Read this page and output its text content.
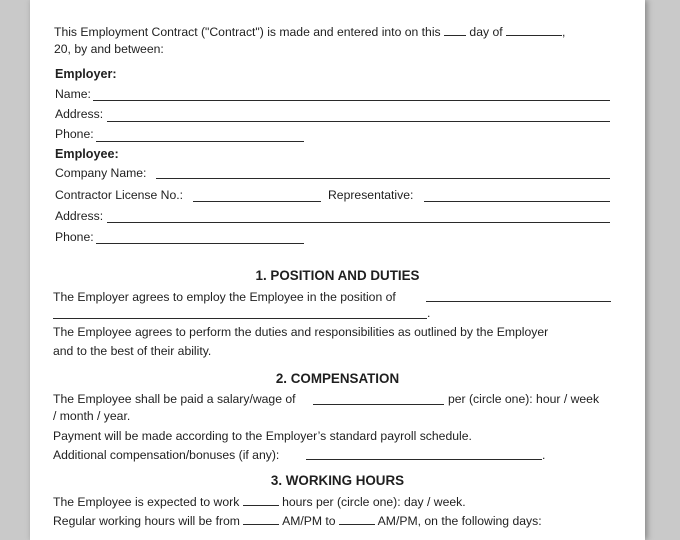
This Employment Contract ("Contract") is made and entered into on this day of	,
20, by and between:
Employer:
Name:
Address:
Phone:
Employee:
Company Name:
Contractor License No.:	Representative:
Address:
Phone:
1. POSITION AND DUTIES
The Employer agrees to employ the Employee in the position of
.
The Employee agrees to perform the duties and responsibilities as outlined by the Employer
and to the best of their ability.
2. COMPENSATION
The Employee shall be paid a salary/wage of	per (circle one): hour / week
/ month / year.
Payment will be made according to the Employer’s standard payroll schedule.
Additional compensation/bonuses (if any):	.
3. WORKING HOURS
The Employee is expected to work	hours per (circle one): day / week.
Regular working hours will be from	AM/PM to	AM/PM, on the following days:
